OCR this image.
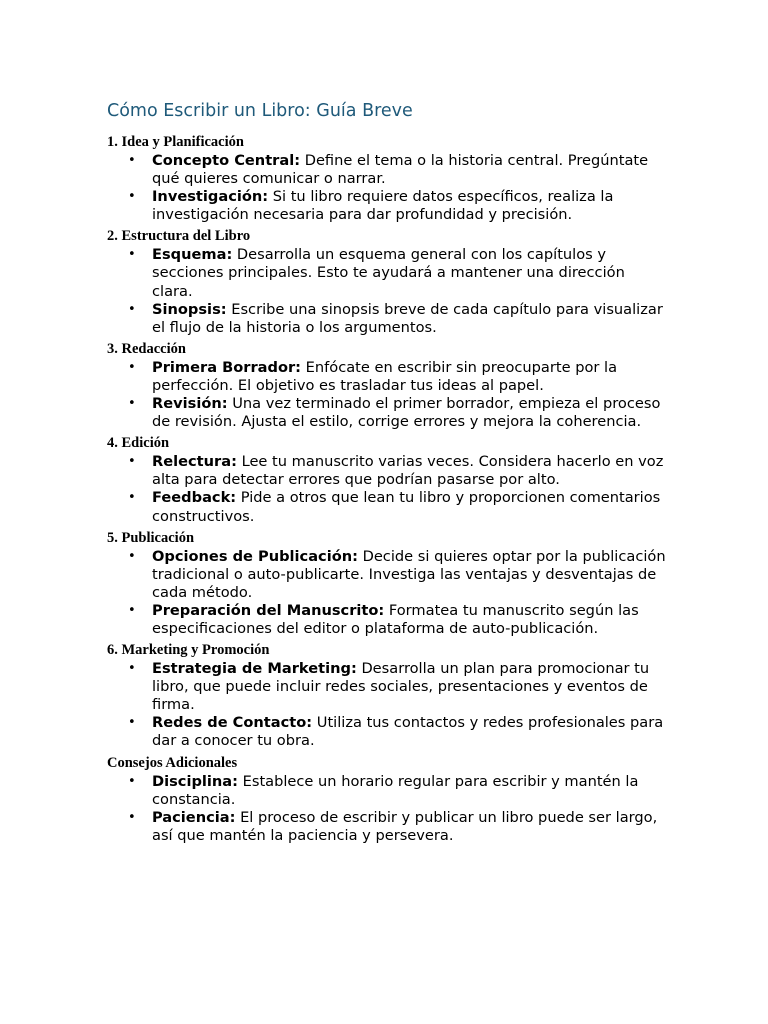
Cómo Escribir un Libro: Guía Breve
1. Idea y Planificación
• Concepto Central: Define el tema o la historia central. Pregúntate qué quieres comunicar o narrar.
• Investigación: Si tu libro requiere datos específicos, realiza la investigación necesaria para dar profundidad y precisión.
2. Estructura del Libro
• Esquema: Desarrolla un esquema general con los capítulos y secciones principales. Esto te ayudará a mantener una dirección clara.
• Sinopsis: Escribe una sinopsis breve de cada capítulo para visualizar el flujo de la historia o los argumentos.
3. Redacción
• Primera Borrador: Enfócate en escribir sin preocuparte por la perfección. El objetivo es trasladar tus ideas al papel.
• Revisión: Una vez terminado el primer borrador, empieza el proceso de revisión. Ajusta el estilo, corrige errores y mejora la coherencia.
4. Edición
• Relectura: Lee tu manuscrito varias veces. Considera hacerlo en voz alta para detectar errores que podrían pasarse por alto.
• Feedback: Pide a otros que lean tu libro y proporcionen comentarios constructivos.
5. Publicación
• Opciones de Publicación: Decide si quieres optar por la publicación tradicional o auto-publicarte. Investiga las ventajas y desventajas de cada método.
• Preparación del Manuscrito: Formatea tu manuscrito según las especificaciones del editor o plataforma de auto-publicación.
6. Marketing y Promoción
• Estrategia de Marketing: Desarrolla un plan para promocionar tu libro, que puede incluir redes sociales, presentaciones y eventos de firma.
• Redes de Contacto: Utiliza tus contactos y redes profesionales para dar a conocer tu obra.
Consejos Adicionales
• Disciplina: Establece un horario regular para escribir y mantén la constancia.
• Paciencia: El proceso de escribir y publicar un libro puede ser largo, así que mantén la paciencia y persevera.
